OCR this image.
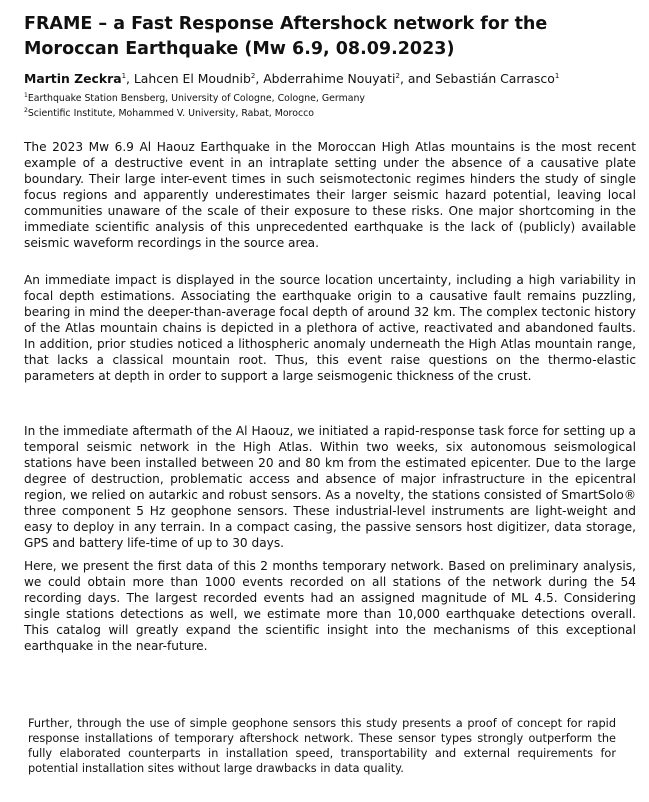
FRAME – a Fast Response Aftershock network for the Moroccan Earthquake (Mw 6.9, 08.09.2023)
Martin Zeckra$^1$, Lahcen El Moudnib$^2$, Abderrahime Nouyati$^2$, and Sebastián Carrasco$^1$
$^1$Earthquake Station Bensberg, University of Cologne, Cologne, Germany
$^2$Scientific Institute, Mohammed V. University, Rabat, Morocco

The 2023 Mw 6.9 Al Haouz Earthquake in the Moroccan High Atlas mountains is the most recent example of a destructive event in an intraplate setting under the absence of a causative plate boundary. Their large inter-event times in such seismotectonic regimes hinders the study of single focus regions and apparently underestimates their larger seismic hazard potential, leaving local communities unaware of the scale of their exposure to these risks. One major shortcoming in the immediate scientific analysis of this unprecedented earthquake is the lack of (publicly) available seismic waveform recordings in the source area.

An immediate impact is displayed in the source location uncertainty, including a high variability in focal depth estimations. Associating the earthquake origin to a causative fault remains puzzling, bearing in mind the deeper-than-average focal depth of around 32 km. The complex tectonic history of the Atlas mountain chains is depicted in a plethora of active, reactivated and abandoned faults. In addition, prior studies noticed a lithospheric anomaly underneath the High Atlas mountain range, that lacks a classical mountain root. Thus, this event raise questions on the thermo-elastic parameters at depth in order to support a large seismogenic thickness of the crust.

In the immediate aftermath of the Al Haouz, we initiated a rapid-response task force for setting up a temporal seismic network in the High Atlas. Within two weeks, six autonomous seismological stations have been installed between 20 and 80 km from the estimated epicenter. Due to the large degree of destruction, problematic access and absence of major infrastructure in the epicentral region, we relied on autarkic and robust sensors. As a novelty, the stations consisted of SmartSolo® three component 5 Hz geophone sensors. These industrial-level instruments are light-weight and easy to deploy in any terrain. In a compact casing, the passive sensors host digitizer, data storage, GPS and battery life-time of up to 30 days.

Here, we present the first data of this 2 months temporary network. Based on preliminary analysis, we could obtain more than 1000 events recorded on all stations of the network during the 54 recording days. The largest recorded events had an assigned magnitude of ML 4.5. Considering single stations detections as well, we estimate more than 10,000 earthquake detections overall. This catalog will greatly expand the scientific insight into the mechanisms of this exceptional earthquake in the near-future.

Further, through the use of simple geophone sensors this study presents a proof of concept for rapid response installations of temporary aftershock network. These sensor types strongly outperform the fully elaborated counterparts in installation speed, transportability and external requirements for potential installation sites without large drawbacks in data quality.
